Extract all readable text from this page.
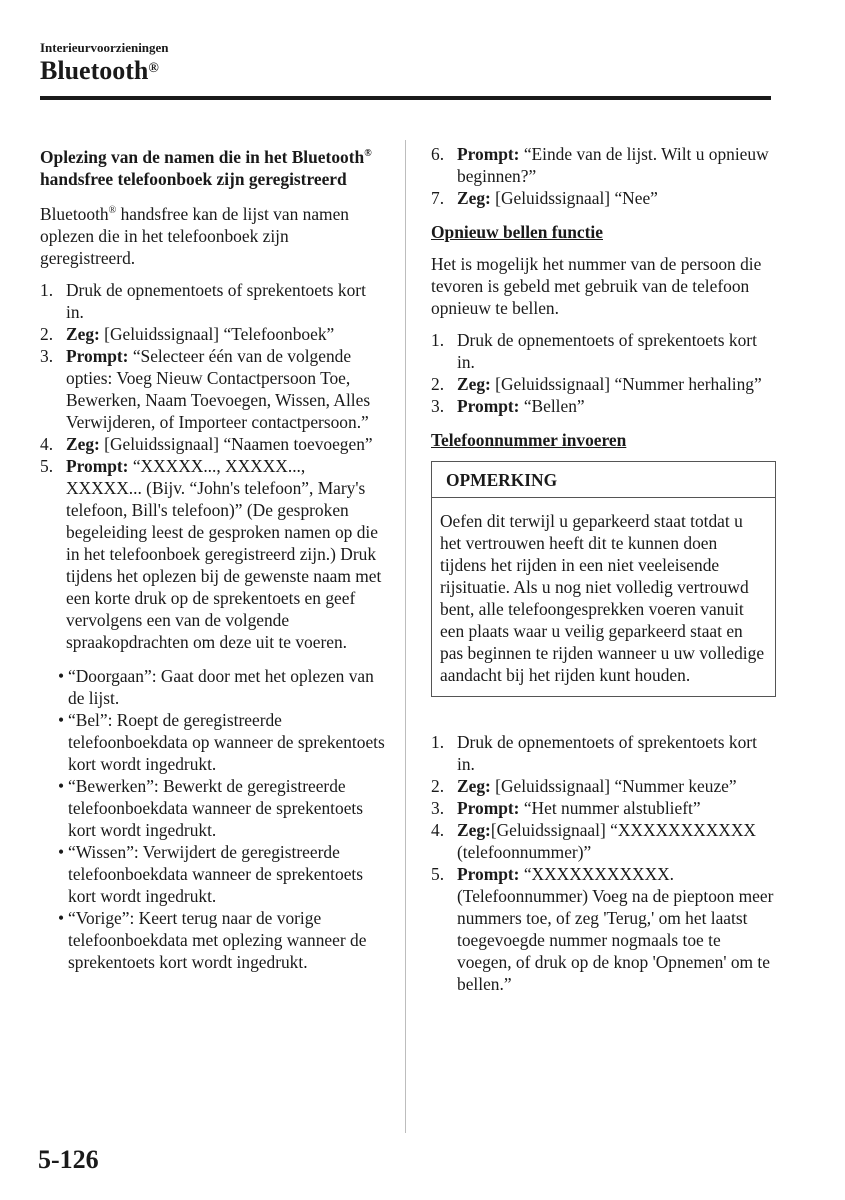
Interieurvoorzieningen
Bluetooth®

Oplezing van de namen die in het Bluetooth® handsfree telefoonboek zijn geregistreerd

Bluetooth® handsfree kan de lijst van namen oplezen die in het telefoonboek zijn geregistreerd.

1. Druk de opnementoets of sprekentoets kort in.
2. Zeg: [Geluidssignaal] “Telefoonboek”
3. Prompt: “Selecteer één van de volgende opties: Voeg Nieuw Contactpersoon Toe, Bewerken, Naam Toevoegen, Wissen, Alles Verwijderen, of Importeer contactpersoon.”
4. Zeg: [Geluidssignaal] “Naamen toevoegen”
5. Prompt: “XXXXX..., XXXXX..., XXXXX... (Bijv. “John's telefoon”, Mary's telefoon, Bill's telefoon)” (De gesproken begeleiding leest de gesproken namen op die in het telefoonboek geregistreerd zijn.) Druk tijdens het oplezen bij de gewenste naam met een korte druk op de sprekentoets en geef vervolgens een van de volgende spraakopdrachten om deze uit te voeren.
• “Doorgaan”: Gaat door met het oplezen van de lijst.
• “Bel”: Roept de geregistreerde telefoonboekdata op wanneer de sprekentoets kort wordt ingedrukt.
• “Bewerken”: Bewerkt de geregistreerde telefoonboekdata wanneer de sprekentoets kort wordt ingedrukt.
• “Wissen”: Verwijdert de geregistreerde telefoonboekdata wanneer de sprekentoets kort wordt ingedrukt.
• “Vorige”: Keert terug naar de vorige telefoonboekdata met oplezing wanneer de sprekentoets kort wordt ingedrukt.
6. Prompt: “Einde van de lijst. Wilt u opnieuw beginnen?”
7. Zeg: [Geluidssignaal] “Nee”

Opnieuw bellen functie

Het is mogelijk het nummer van de persoon die tevoren is gebeld met gebruik van de telefoon opnieuw te bellen.

1. Druk de opnementoets of sprekentoets kort in.
2. Zeg: [Geluidssignaal] “Nummer herhaling”
3. Prompt: “Bellen”

Telefoonnummer invoeren

OPMERKING
Oefen dit terwijl u geparkeerd staat totdat u het vertrouwen heeft dit te kunnen doen tijdens het rijden in een niet veeleisende rijsituatie. Als u nog niet volledig vertrouwd bent, alle telefoongesprekken voeren vanuit een plaats waar u veilig geparkeerd staat en pas beginnen te rijden wanneer u uw volledige aandacht bij het rijden kunt houden.
1. Druk de opnementoets of sprekentoets kort in.
2. Zeg: [Geluidssignaal] “Nummer keuze”
3. Prompt: “Het nummer alstublieft”
4. Zeg:[Geluidssignaal] “XXXXXXXXXXX (telefoonnummer)”
5. Prompt: “XXXXXXXXXXX. (Telefoonnummer) Voeg na de pieptoon meer nummers toe, of zeg 'Terug,' om het laatst toegevoegde nummer nogmaals toe te voegen, of druk op de knop 'Opnemen' om te bellen.”
5-126
